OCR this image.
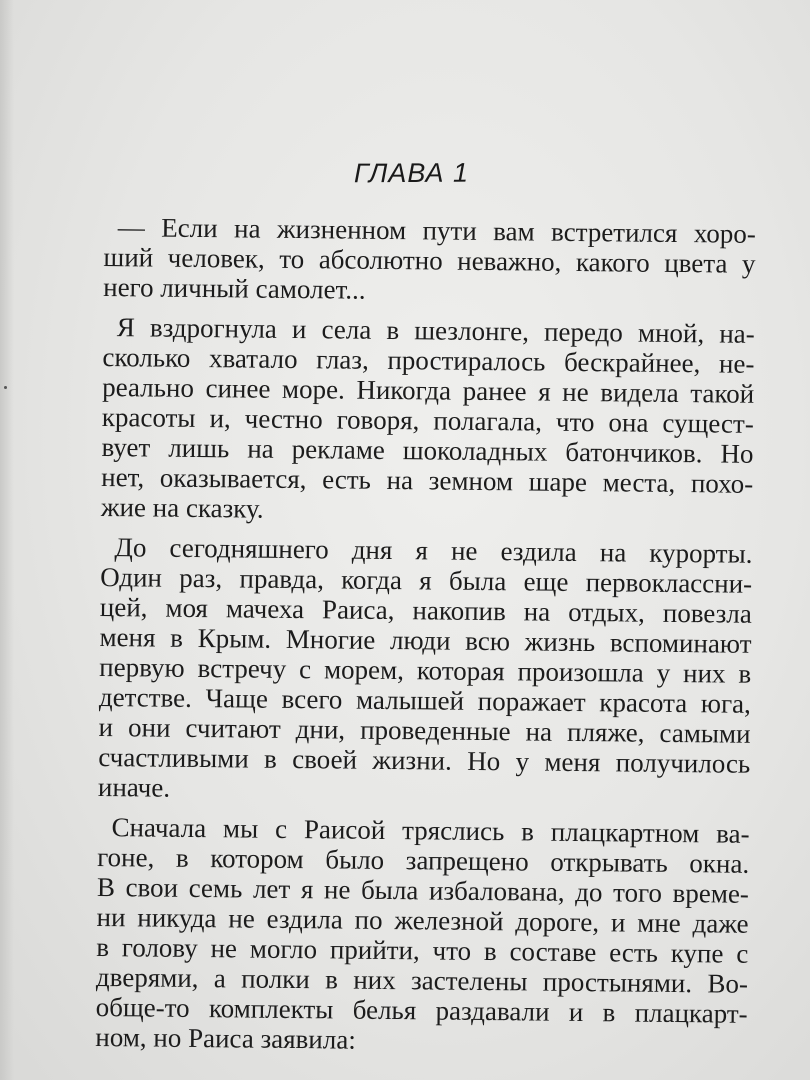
ГЛАВА 1
— Если на жизненном пути вам встретился хоро-
ший человек, то абсолютно неважно, какого цвета у
него личный самолет...
Я вздрогнула и села в шезлонге, передо мной, на-
сколько хватало глаз, простиралось бескрайнее, не-
реально синее море. Никогда ранее я не видела такой
красоты и, честно говоря, полагала, что она сущест-
вует лишь на рекламе шоколадных батончиков. Но
нет, оказывается, есть на земном шаре места, похо-
жие на сказку.
До сегодняшнего дня я не ездила на курорты.
Один раз, правда, когда я была еще первоклассни-
цей, моя мачеха Раиса, накопив на отдых, повезла
меня в Крым. Многие люди всю жизнь вспоминают
первую встречу с морем, которая произошла у них в
детстве. Чаще всего малышей поражает красота юга,
и они считают дни, проведенные на пляже, самыми
счастливыми в своей жизни. Но у меня получилось
иначе.
Сначала мы с Раисой тряслись в плацкартном ва-
гоне, в котором было запрещено открывать окна.
В свои семь лет я не была избалована, до того време-
ни никуда не ездила по железной дороге, и мне даже
в голову не могло прийти, что в составе есть купе с
дверями, а полки в них застелены простынями. Во-
обще-то комплекты белья раздавали и в плацкарт-
ном, но Раиса заявила:
